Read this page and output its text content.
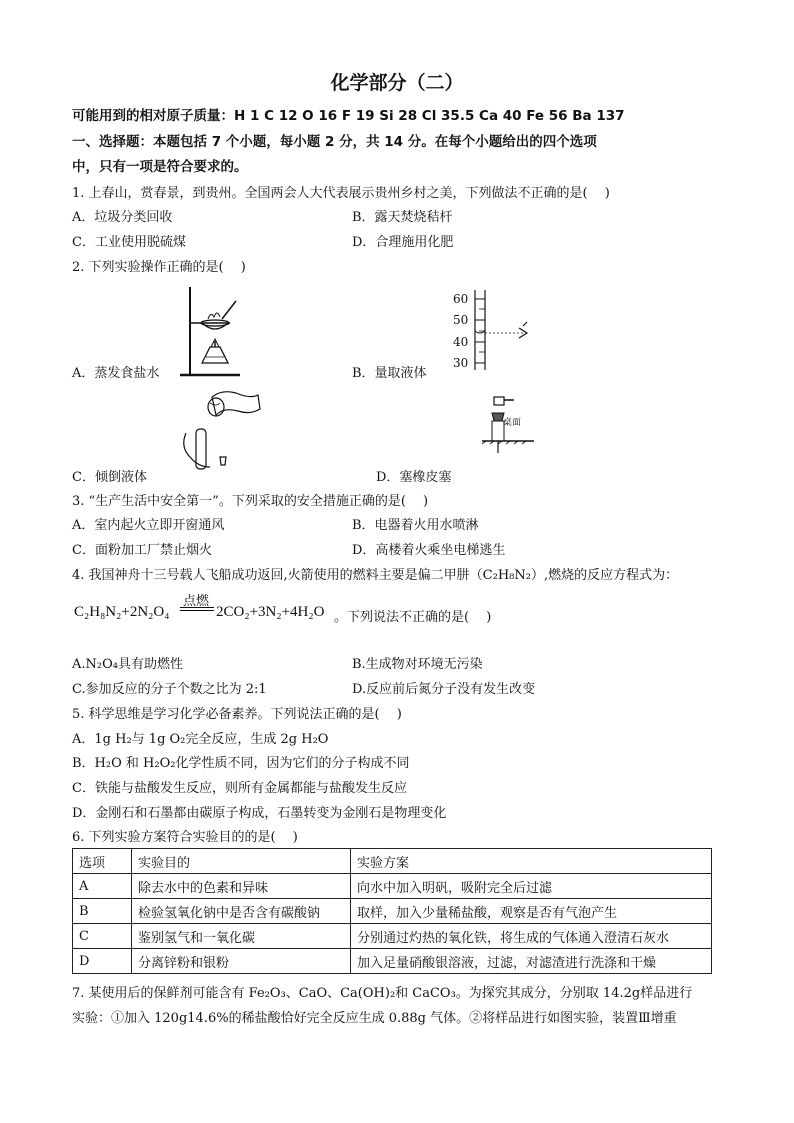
化学部分（二）
可能用到的相对原子质量：H 1 C 12 O 16 F 19 Si 28 Cl 35.5 Ca 40 Fe 56 Ba 137
一、选择题：本题包括 7 个小题，每小题 2 分，共 14 分。在每个小题给出的四个选项
中，只有一项是符合要求的。
1. 上春山，赏春景，到贵州。全国两会人大代表展示贵州乡村之美，下列做法不正确的是(　 )
A．垃圾分类回收	B．露天焚烧秸杆
C．工业使用脱硫煤	D．合理施用化肥
2. 下列实验操作正确的是(　 )
A．蒸发食盐水
60
50
40
30
B．量取液体
C．倾倒液体
桌面
D．塞橡皮塞
3. “生产生活中安全第一”。下列采取的安全措施正确的是(　 )
A．室内起火立即开窗通风	B．电器着火用水喷淋
C．面粉加工厂禁止烟火	D．高楼着火乘坐电梯逃生
4. 我国神舟十三号载人飞船成功返回,火箭使用的燃料主要是偏二甲肼（C₂H₈N₂）,燃烧的反应方程式为：
C₂H₈N₂+2N₂O₄
点燃
2CO₂+3N₂+4H₂O 。下列说法不正确的是(　 )
A.N₂O₄具有助燃性	B.生成物对环境无污染
C.参加反应的分子个数之比为 2:1	D.反应前后氮分子没有发生改变
5. 科学思维是学习化学必备素养。下列说法正确的是(　 )
A．1g H₂与 1g O₂完全反应，生成 2g H₂O
B．H₂O 和 H₂O₂化学性质不同，因为它们的分子构成不同
C．铁能与盐酸发生反应，则所有金属都能与盐酸发生反应
D．金刚石和石墨都由碳原子构成，石墨转变为金刚石是物理变化
6. 下列实验方案符合实验目的的是(　 )
选项	实验目的	实验方案
A	除去水中的色素和异味	向水中加入明矾，吸附完全后过滤
B	检验氢氧化钠中是否含有碳酸钠	取样，加入少量稀盐酸，观察是否有气泡产生
C	鉴别氢气和一氧化碳	分别通过灼热的氧化铁，将生成的气体通入澄清石灰水
D	分离锌粉和银粉	加入足量硝酸银溶液，过滤，对滤渣进行洗涤和干燥
7. 某使用后的保鲜剂可能含有 Fe₂O₃、CaO、Ca(OH)₂和 CaCO₃。为探究其成分，分别取 14.2g样品进行
实验：①加入 120g14.6%的稀盐酸恰好完全反应生成 0.88g 气体。②将样品进行如图实验，装置Ⅲ增重
